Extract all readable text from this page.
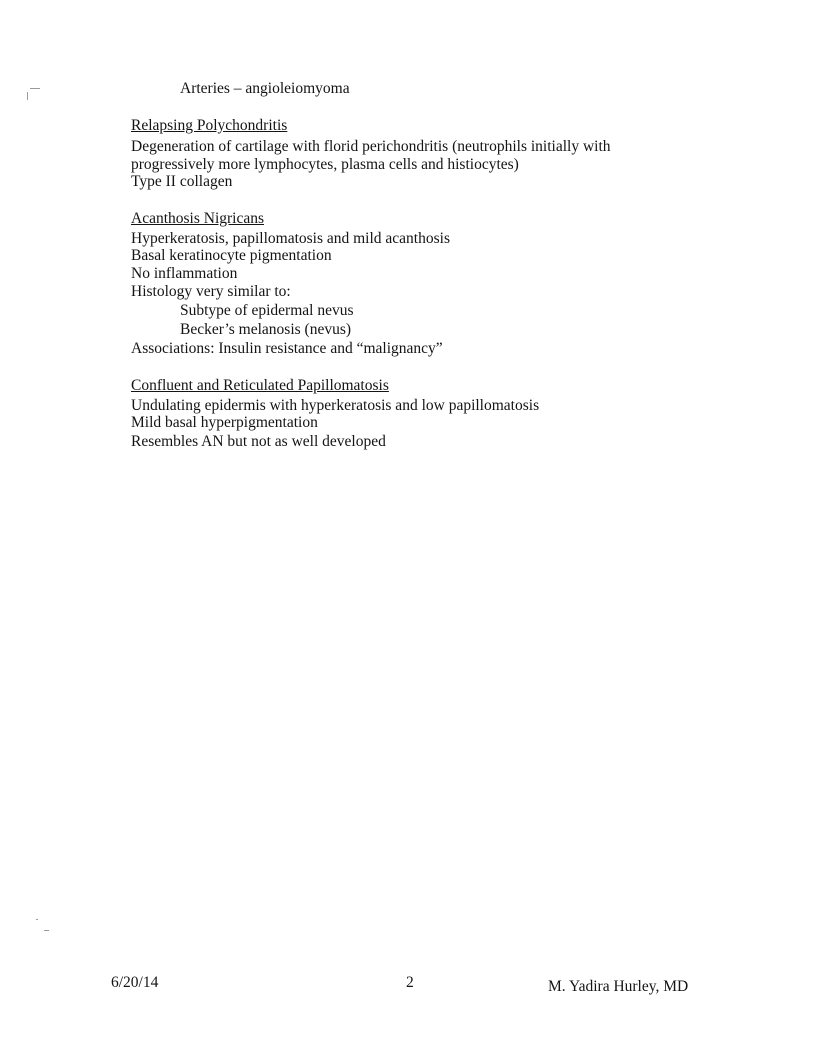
Arteries – angioleiomyoma
Relapsing Polychondritis
Degeneration of cartilage with florid perichondritis (neutrophils initially with
progressively more lymphocytes, plasma cells and histiocytes)
Type II collagen
Acanthosis Nigricans
Hyperkeratosis, papillomatosis and mild acanthosis
Basal keratinocyte pigmentation
No inflammation
Histology very similar to:
Subtype of epidermal nevus
Becker’s melanosis (nevus)
Associations: Insulin resistance and “malignancy”
Confluent and Reticulated Papillomatosis
Undulating epidermis with hyperkeratosis and low papillomatosis
Mild basal hyperpigmentation
Resembles AN but not as well developed
6/20/14	2	M. Yadira Hurley, MD
